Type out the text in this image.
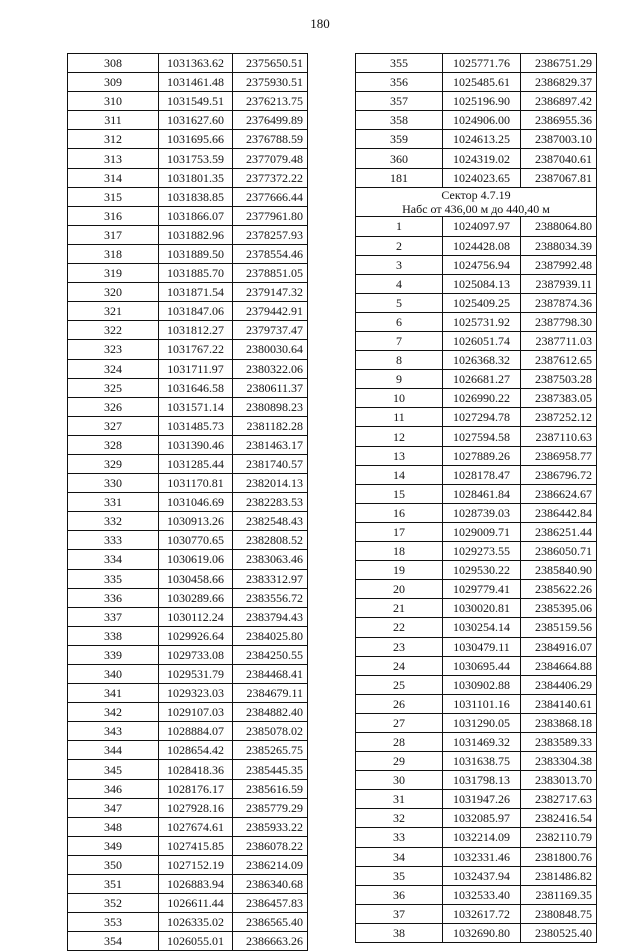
180
308	1031363.62	2375650.51
309	1031461.48	2375930.51
310	1031549.51	2376213.75
311	1031627.60	2376499.89
312	1031695.66	2376788.59
313	1031753.59	2377079.48
314	1031801.35	2377372.22
315	1031838.85	2377666.44
316	1031866.07	2377961.80
317	1031882.96	2378257.93
318	1031889.50	2378554.46
319	1031885.70	2378851.05
320	1031871.54	2379147.32
321	1031847.06	2379442.91
322	1031812.27	2379737.47
323	1031767.22	2380030.64
324	1031711.97	2380322.06
325	1031646.58	2380611.37
326	1031571.14	2380898.23
327	1031485.73	2381182.28
328	1031390.46	2381463.17
329	1031285.44	2381740.57
330	1031170.81	2382014.13
331	1031046.69	2382283.53
332	1030913.26	2382548.43
333	1030770.65	2382808.52
334	1030619.06	2383063.46
335	1030458.66	2383312.97
336	1030289.66	2383556.72
337	1030112.24	2383794.43
338	1029926.64	2384025.80
339	1029733.08	2384250.55
340	1029531.79	2384468.41
341	1029323.03	2384679.11
342	1029107.03	2384882.40
343	1028884.07	2385078.02
344	1028654.42	2385265.75
345	1028418.36	2385445.35
346	1028176.17	2385616.59
347	1027928.16	2385779.29
348	1027674.61	2385933.22
349	1027415.85	2386078.22
350	1027152.19	2386214.09
351	1026883.94	2386340.68
352	1026611.44	2386457.83
353	1026335.02	2386565.40
354	1026055.01	2386663.26
355	1025771.76	2386751.29
356	1025485.61	2386829.37
357	1025196.90	2386897.42
358	1024906.00	2386955.36
359	1024613.25	2387003.10
360	1024319.02	2387040.61
181	1024023.65	2387067.81

Сектор 4.7.19
Набс от 436,00 м до 440,40 м		

1	1024097.97	2388064.80
2	1024428.08	2388034.39
3	1024756.94	2387992.48
4	1025084.13	2387939.11
5	1025409.25	2387874.36
6	1025731.92	2387798.30
7	1026051.74	2387711.03
8	1026368.32	2387612.65
9	1026681.27	2387503.28
10	1026990.22	2387383.05
11	1027294.78	2387252.12
12	1027594.58	2387110.63
13	1027889.26	2386958.77
14	1028178.47	2386796.72
15	1028461.84	2386624.67
16	1028739.03	2386442.84
17	1029009.71	2386251.44
18	1029273.55	2386050.71
19	1029530.22	2385840.90
20	1029779.41	2385622.26
21	1030020.81	2385395.06
22	1030254.14	2385159.56
23	1030479.11	2384916.07
24	1030695.44	2384664.88
25	1030902.88	2384406.29
26	1031101.16	2384140.61
27	1031290.05	2383868.18
28	1031469.32	2383589.33
29	1031638.75	2383304.38
30	1031798.13	2383013.70
31	1031947.26	2382717.63
32	1032085.97	2382416.54
33	1032214.09	2382110.79
34	1032331.46	2381800.76
35	1032437.94	2381486.82
36	1032533.40	2381169.35
37	1032617.72	2380848.75
38	1032690.80	2380525.40
